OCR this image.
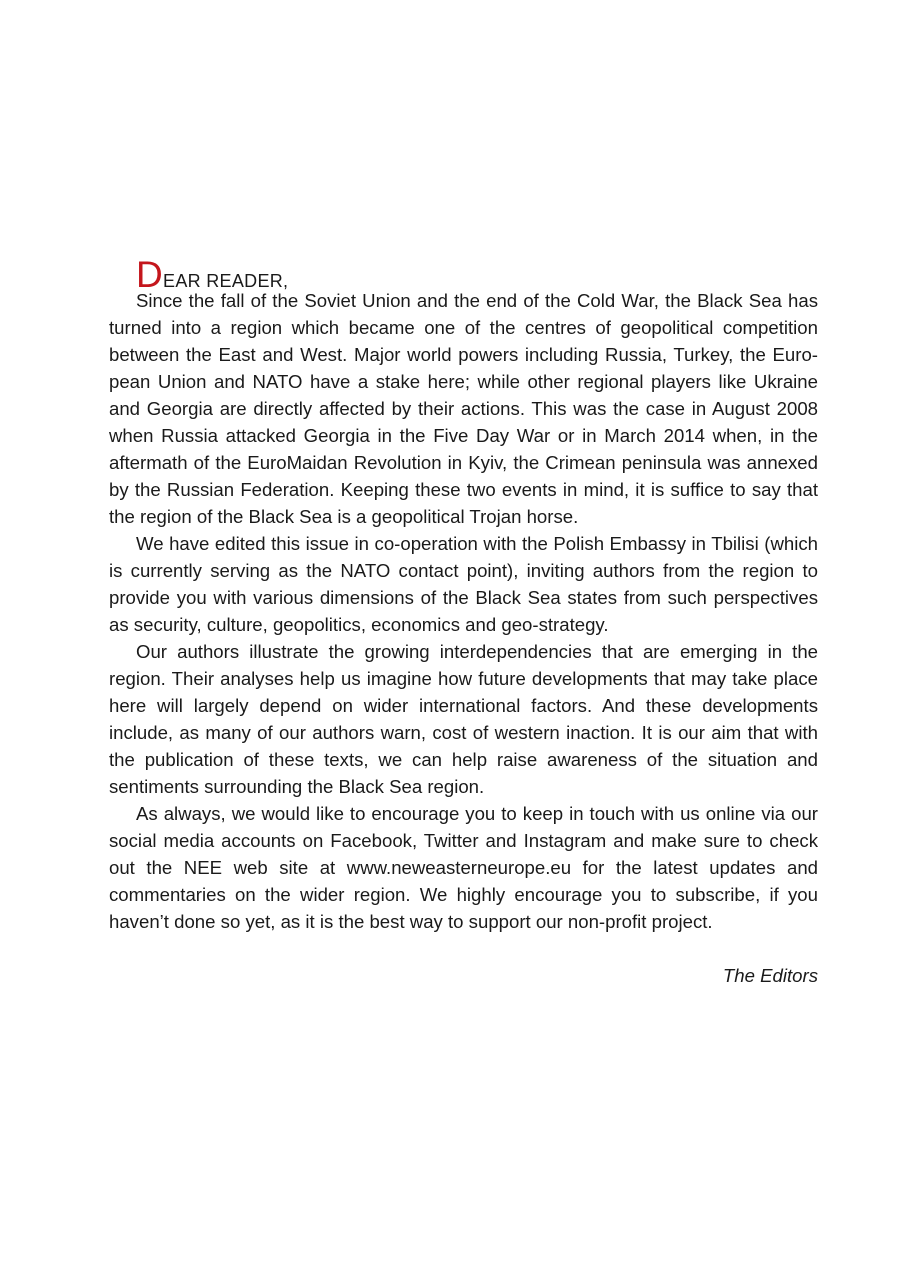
DEAR READER,

Since the fall of the Soviet Union and the end of the Cold War, the Black Sea has turned into a region which became one of the centres of geopolitical competition between the East and West. Major world powers including Russia, Turkey, the European Union and NATO have a stake here; while other regional players like Ukraine and Georgia are directly affected by their actions. This was the case in August 2008 when Russia attacked Georgia in the Five Day War or in March 2014 when, in the aftermath of the EuroMaidan Revolution in Kyiv, the Crimean peninsula was annexed by the Russian Federation. Keeping these two events in mind, it is suffice to say that the region of the Black Sea is a geopolitical Trojan horse.

We have edited this issue in co-operation with the Polish Embassy in Tbilisi (which is currently serving as the NATO contact point), inviting authors from the region to provide you with various dimensions of the Black Sea states from such perspectives as security, culture, geopolitics, economics and geo-strategy.

Our authors illustrate the growing interdependencies that are emerging in the region. Their analyses help us imagine how future developments that may take place here will largely depend on wider international factors. And these developments include, as many of our authors warn, cost of western inaction. It is our aim that with the publication of these texts, we can help raise awareness of the situation and sentiments surrounding the Black Sea region.

As always, we would like to encourage you to keep in touch with us online via our social media accounts on Facebook, Twitter and Instagram and make sure to check out the NEE web site at www.neweasterneurope.eu for the latest updates and commentaries on the wider region. We highly encourage you to subscribe, if you haven’t done so yet, as it is the best way to support our non-profit project.

The Editors
